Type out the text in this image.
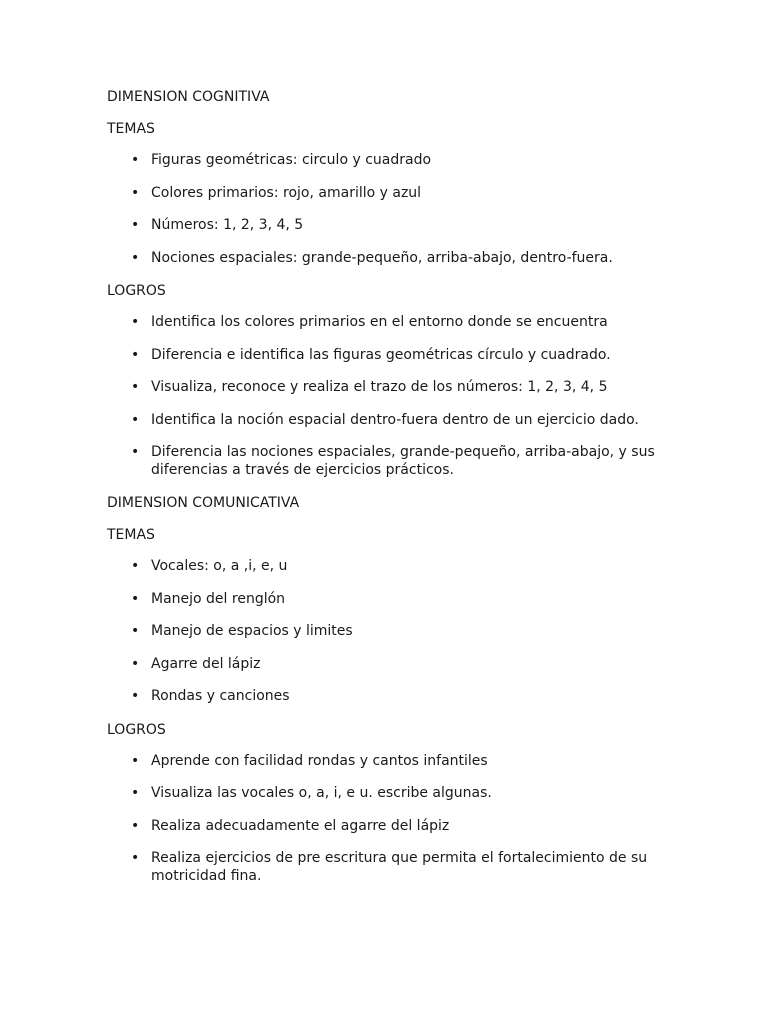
DIMENSION COGNITIVA
TEMAS
•
Figuras geométricas: circulo y cuadrado
•
Colores primarios: rojo, amarillo y azul
•
Números: 1, 2, 3, 4, 5
•
Nociones espaciales: grande-pequeño, arriba-abajo, dentro-fuera.
LOGROS
•
Identifica los colores primarios en el entorno donde se encuentra
•
Diferencia e identifica las figuras geométricas círculo y cuadrado.
•
Visualiza, reconoce y realiza el trazo de los números: 1, 2, 3, 4, 5
•
Identifica la noción espacial dentro-fuera dentro de un ejercicio dado.
•
Diferencia las nociones espaciales, grande-pequeño, arriba-abajo, y sus diferencias a través de ejercicios prácticos.
DIMENSION COMUNICATIVA
TEMAS
•
Vocales: o, a ,i, e, u
•
Manejo del renglón
•
Manejo de espacios y limites
•
Agarre del lápiz
•
Rondas y canciones
LOGROS
•
Aprende con facilidad rondas y cantos infantiles
•
Visualiza las vocales o, a, i, e u. escribe algunas.
•
Realiza adecuadamente el agarre del lápiz
•
Realiza ejercicios de pre escritura que permita el fortalecimiento de su motricidad fina.
